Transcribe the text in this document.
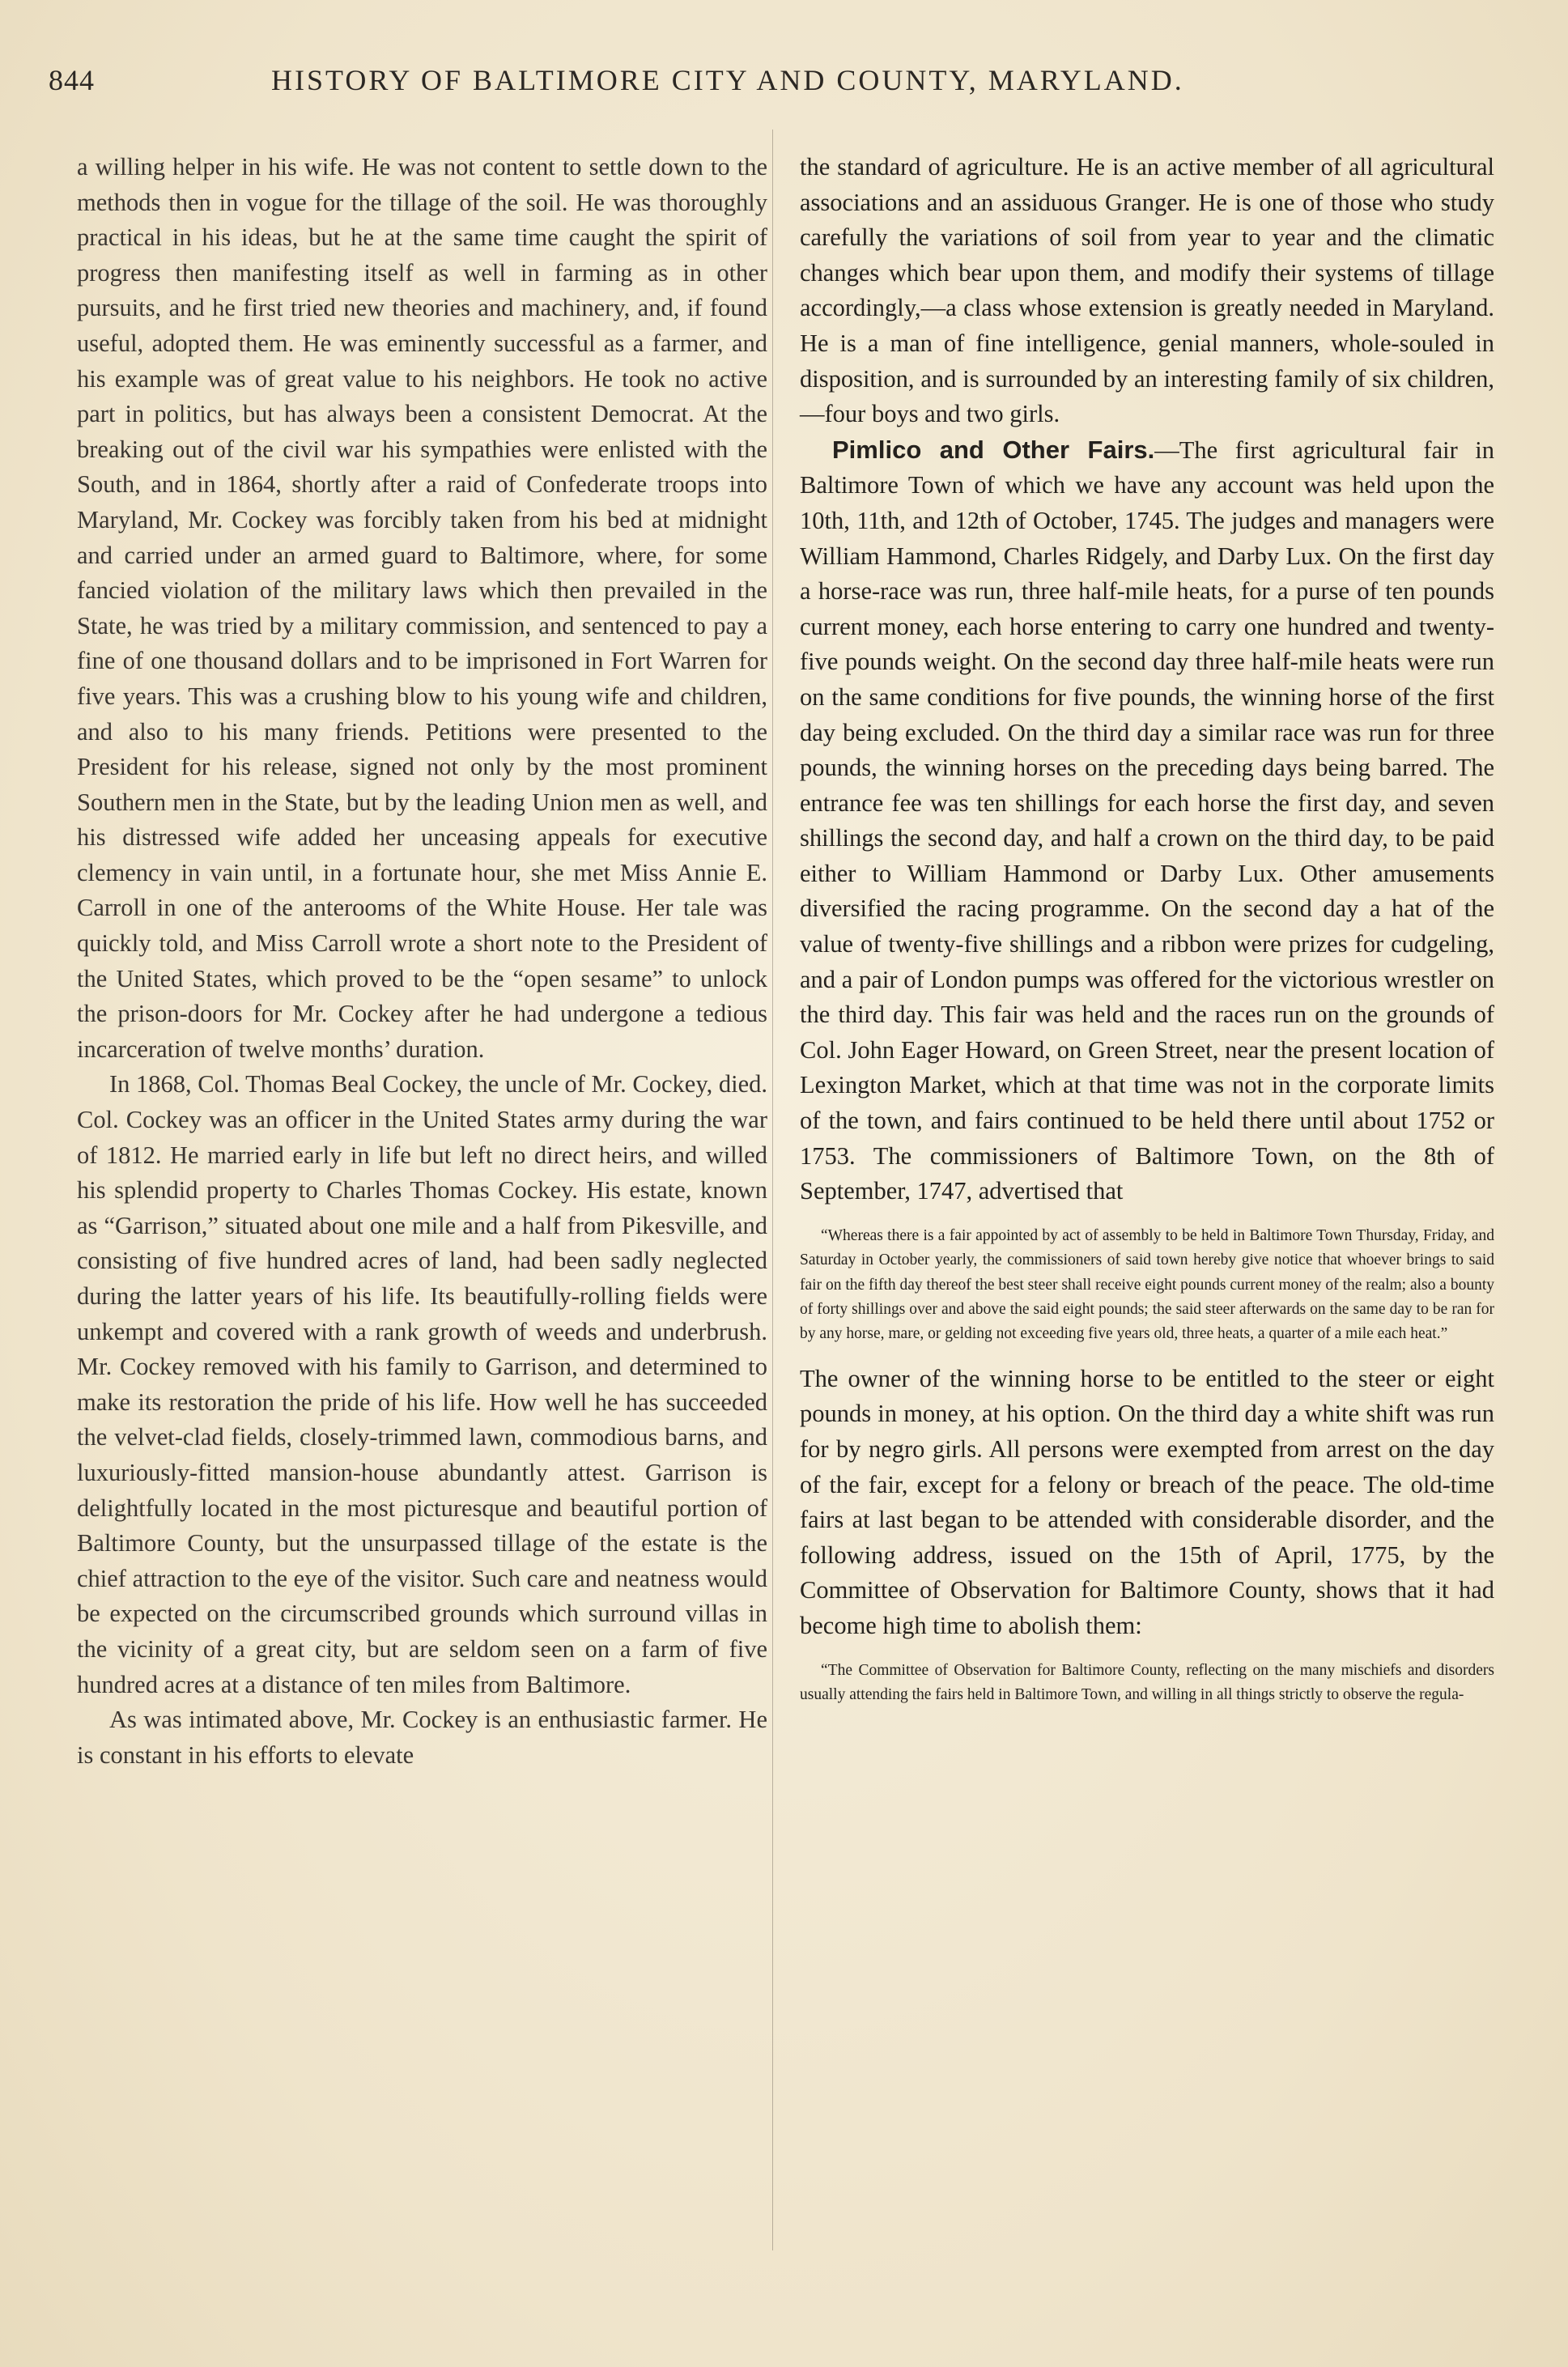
844	HISTORY OF BALTIMORE CITY AND COUNTY, MARYLAND.

a willing helper in his wife. He was not content to settle down to the methods then in vogue for the tillage of the soil. He was thoroughly practical in his ideas, but he at the same time caught the spirit of progress then manifesting itself as well in farming as in other pursuits, and he first tried new theories and machinery, and, if found useful, adopted them. He was eminently successful as a farmer, and his example was of great value to his neighbors. He took no active part in politics, but has always been a consistent Democrat. At the breaking out of the civil war his sympathies were enlisted with the South, and in 1864, shortly after a raid of Confederate troops into Maryland, Mr. Cockey was forcibly taken from his bed at midnight and carried under an armed guard to Baltimore, where, for some fancied violation of the military laws which then prevailed in the State, he was tried by a military commission, and sentenced to pay a fine of one thousand dollars and to be imprisoned in Fort Warren for five years. This was a crushing blow to his young wife and children, and also to his many friends. Petitions were presented to the President for his release, signed not only by the most prominent Southern men in the State, but by the leading Union men as well, and his distressed wife added her unceasing appeals for executive clemency in vain until, in a fortunate hour, she met Miss Annie E. Carroll in one of the anterooms of the White House. Her tale was quickly told, and Miss Carroll wrote a short note to the President of the United States, which proved to be the “open sesame” to unlock the prison-doors for Mr. Cockey after he had undergone a tedious incarceration of twelve months’ duration.

In 1868, Col. Thomas Beal Cockey, the uncle of Mr. Cockey, died. Col. Cockey was an officer in the United States army during the war of 1812. He married early in life but left no direct heirs, and willed his splendid property to Charles Thomas Cockey. His estate, known as “Garrison,” situated about one mile and a half from Pikesville, and consisting of five hundred acres of land, had been sadly neglected during the latter years of his life. Its beautifully-rolling fields were unkempt and covered with a rank growth of weeds and underbrush. Mr. Cockey removed with his family to Garrison, and determined to make its restoration the pride of his life. How well he has succeeded the velvet-clad fields, closely-trimmed lawn, commodious barns, and luxuriously-fitted mansion-house abundantly attest. Garrison is delightfully located in the most picturesque and beautiful portion of Baltimore County, but the unsurpassed tillage of the estate is the chief attraction to the eye of the visitor. Such care and neatness would be expected on the circumscribed grounds which surround villas in the vicinity of a great city, but are seldom seen on a farm of five hundred acres at a distance of ten miles from Baltimore.

As was intimated above, Mr. Cockey is an enthusiastic farmer. He is constant in his efforts to elevate

the standard of agriculture. He is an active member of all agricultural associations and an assiduous Granger. He is one of those who study carefully the variations of soil from year to year and the climatic changes which bear upon them, and modify their systems of tillage accordingly,—a class whose extension is greatly needed in Maryland. He is a man of fine intelligence, genial manners, whole-souled in disposition, and is surrounded by an interesting family of six children,—four boys and two girls.

Pimlico and Other Fairs.—The first agricultural fair in Baltimore Town of which we have any account was held upon the 10th, 11th, and 12th of October, 1745. The judges and managers were William Hammond, Charles Ridgely, and Darby Lux. On the first day a horse-race was run, three half-mile heats, for a purse of ten pounds current money, each horse entering to carry one hundred and twenty-five pounds weight. On the second day three half-mile heats were run on the same conditions for five pounds, the winning horse of the first day being excluded. On the third day a similar race was run for three pounds, the winning horses on the preceding days being barred. The entrance fee was ten shillings for each horse the first day, and seven shillings the second day, and half a crown on the third day, to be paid either to William Hammond or Darby Lux. Other amusements diversified the racing programme. On the second day a hat of the value of twenty-five shillings and a ribbon were prizes for cudgeling, and a pair of London pumps was offered for the victorious wrestler on the third day. This fair was held and the races run on the grounds of Col. John Eager Howard, on Green Street, near the present location of Lexington Market, which at that time was not in the corporate limits of the town, and fairs continued to be held there until about 1752 or 1753. The commissioners of Baltimore Town, on the 8th of September, 1747, advertised that

“Whereas there is a fair appointed by act of assembly to be held in Baltimore Town Thursday, Friday, and Saturday in October yearly, the commissioners of said town hereby give notice that whoever brings to said fair on the fifth day thereof the best steer shall receive eight pounds current money of the realm; also a bounty of forty shillings over and above the said eight pounds; the said steer afterwards on the same day to be ran for by any horse, mare, or gelding not exceeding five years old, three heats, a quarter of a mile each heat.”

The owner of the winning horse to be entitled to the steer or eight pounds in money, at his option. On the third day a white shift was run for by negro girls. All persons were exempted from arrest on the day of the fair, except for a felony or breach of the peace. The old-time fairs at last began to be attended with considerable disorder, and the following address, issued on the 15th of April, 1775, by the Committee of Observation for Baltimore County, shows that it had become high time to abolish them:

“The Committee of Observation for Baltimore County, reflecting on the many mischiefs and disorders usually attending the fairs held in Baltimore Town, and willing in all things strictly to observe the regula-
